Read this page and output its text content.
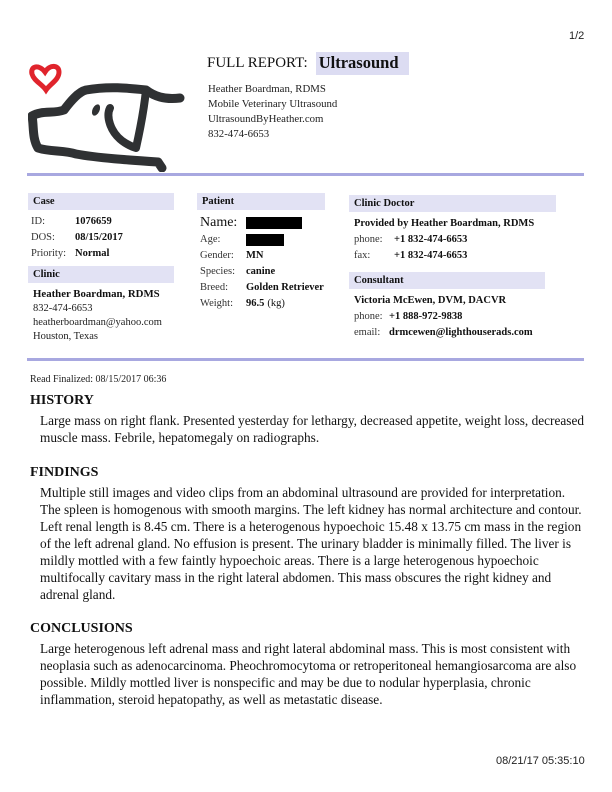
1/2
FULL REPORT: Ultrasound
Heather Boardman, RDMS
Mobile Veterinary Ultrasound
UltrasoundByHeather.com
832-474-6653
Case
ID:	1076659
DOS:	08/15/2017
Priority: Normal
Clinic
Heather Boardman, RDMS
832-474-6653
heatherboardman@yahoo.com
Houston, Texas
Patient
Name:
Age:
Gender:	MN
Species:	canine
Breed:	Golden Retriever
Weight:	96.5 (kg)
Clinic Doctor
Provided by Heather Boardman, RDMS
phone:	+1 832-474-6653
fax:	+1 832-474-6653
Consultant
Victoria McEwen, DVM, DACVR
phone: +1 888-972-9838
email: drmcewen@lighthouserads.com
Read Finalized: 08/15/2017 06:36
HISTORY

Large mass on right flank. Presented yesterday for lethargy, decreased appetite, weight loss, decreased muscle mass. Febrile, hepatomegaly on radiographs.

FINDINGS

Multiple still images and video clips from an abdominal ultrasound are provided for interpretation. The spleen is homogenous with smooth margins. The left kidney has normal architecture and contour. Left renal length is 8.45 cm. There is a heterogenous hypoechoic 15.48 x 13.75 cm mass in the region of the left adrenal gland. No effusion is present. The urinary bladder is minimally filled. The liver is mildly mottled with a few faintly hypoechoic areas. There is a large heterogenous hypoechoic multifocally cavitary mass in the right lateral abdomen. This mass obscures the right kidney and adrenal gland.

CONCLUSIONS

Large heterogenous left adrenal mass and right lateral abdominal mass. This is most consistent with neoplasia such as adenocarcinoma. Pheochromocytoma or retroperitoneal hemangiosarcoma are also possible. Mildly mottled liver is nonspecific and may be due to nodular hyperplasia, chronic inflammation, steroid hepatopathy, as well as metastatic disease.

08/21/17 05:35:10
